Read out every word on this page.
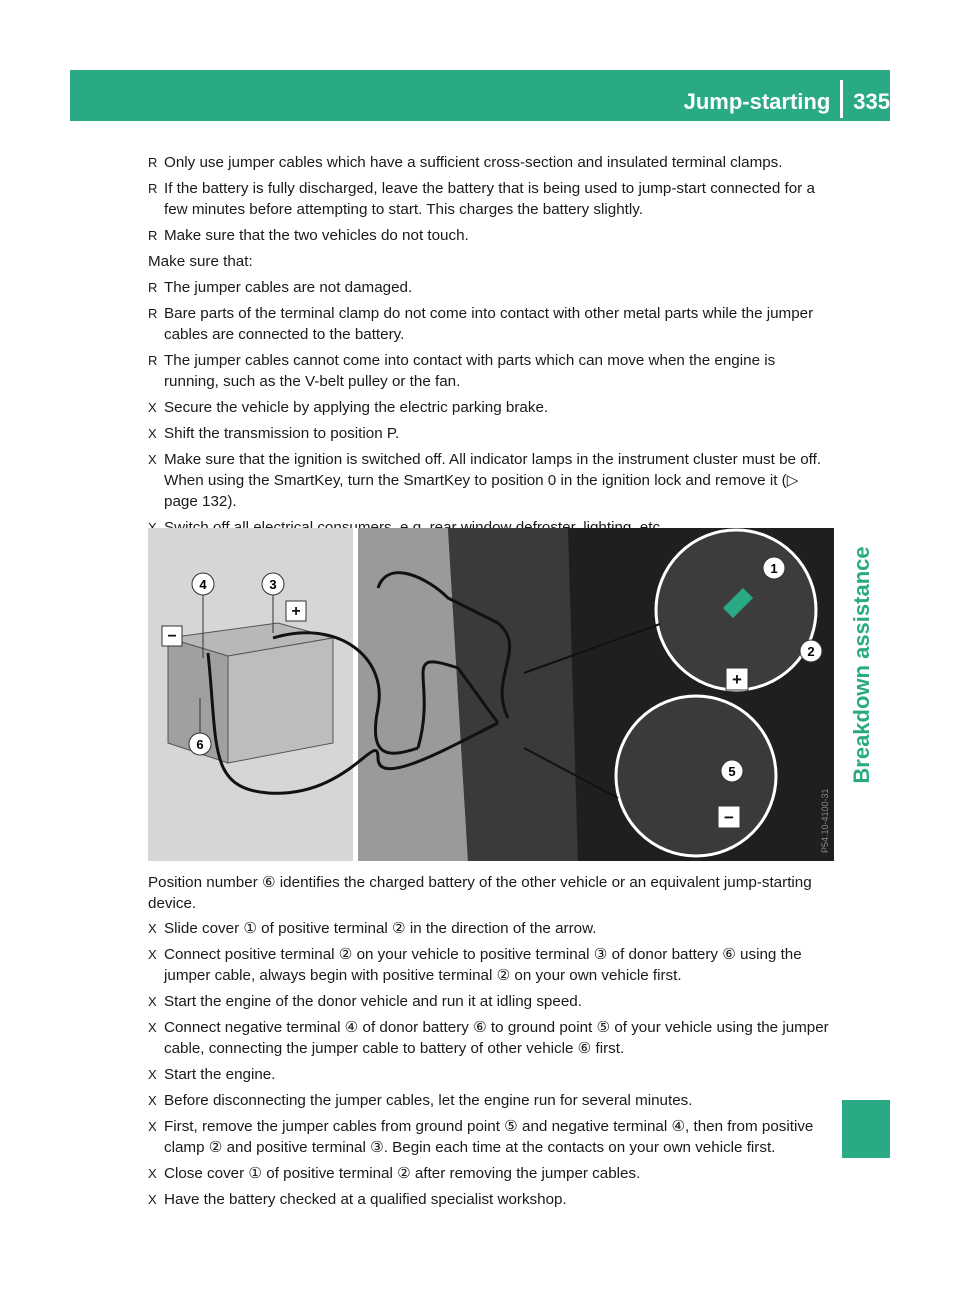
Jump-starting 335
Breakdown assistance
R Only use jumper cables which have a sufficient cross-section and insulated terminal clamps.
R If the battery is fully discharged, leave the battery that is being used to jump-start connected for a few minutes before attempting to start. This charges the battery slightly.
R Make sure that the two vehicles do not touch.
Make sure that:
R The jumper cables are not damaged.
R Bare parts of the terminal clamp do not come into contact with other metal parts while the jumper cables are connected to the battery.
R The jumper cables cannot come into contact with parts which can move when the engine is running, such as the V-belt pulley or the fan.
X Secure the vehicle by applying the electric parking brake.
X Shift the transmission to position P.
X Make sure that the ignition is switched off. All indicator lamps in the instrument cluster must be off. When using the SmartKey, turn the SmartKey to position 0 in the ignition lock and remove it (▷ page 132).
−
+
4	3
6
+
1
2
−
5
P54.10-4100-31
Position number ⑥ identifies the charged battery of the other vehicle or an equivalent jump-starting device.
X Slide cover ① of positive terminal ② in the direction of the arrow.
X Connect positive terminal ② on your vehicle to positive terminal ③ of donor battery ⑥ using the jumper cable, always begin with positive terminal ② on your own vehicle first.
X Start the engine of the donor vehicle and run it at idling speed.
X Connect negative terminal ④ of donor battery ⑥ to ground point ⑤ of your vehicle using the jumper cable, connecting the jumper cable to battery of other vehicle ⑥ first.
X Start the engine.
X Before disconnecting the jumper cables, let the engine run for several minutes.
X First, remove the jumper cables from ground point ⑤ and negative terminal ④, then from positive clamp ② and positive terminal ③. Begin each time at the contacts on your own vehicle first.
X Close cover ① of positive terminal ② after removing the jumper cables.
X Have the battery checked at a qualified specialist workshop.
